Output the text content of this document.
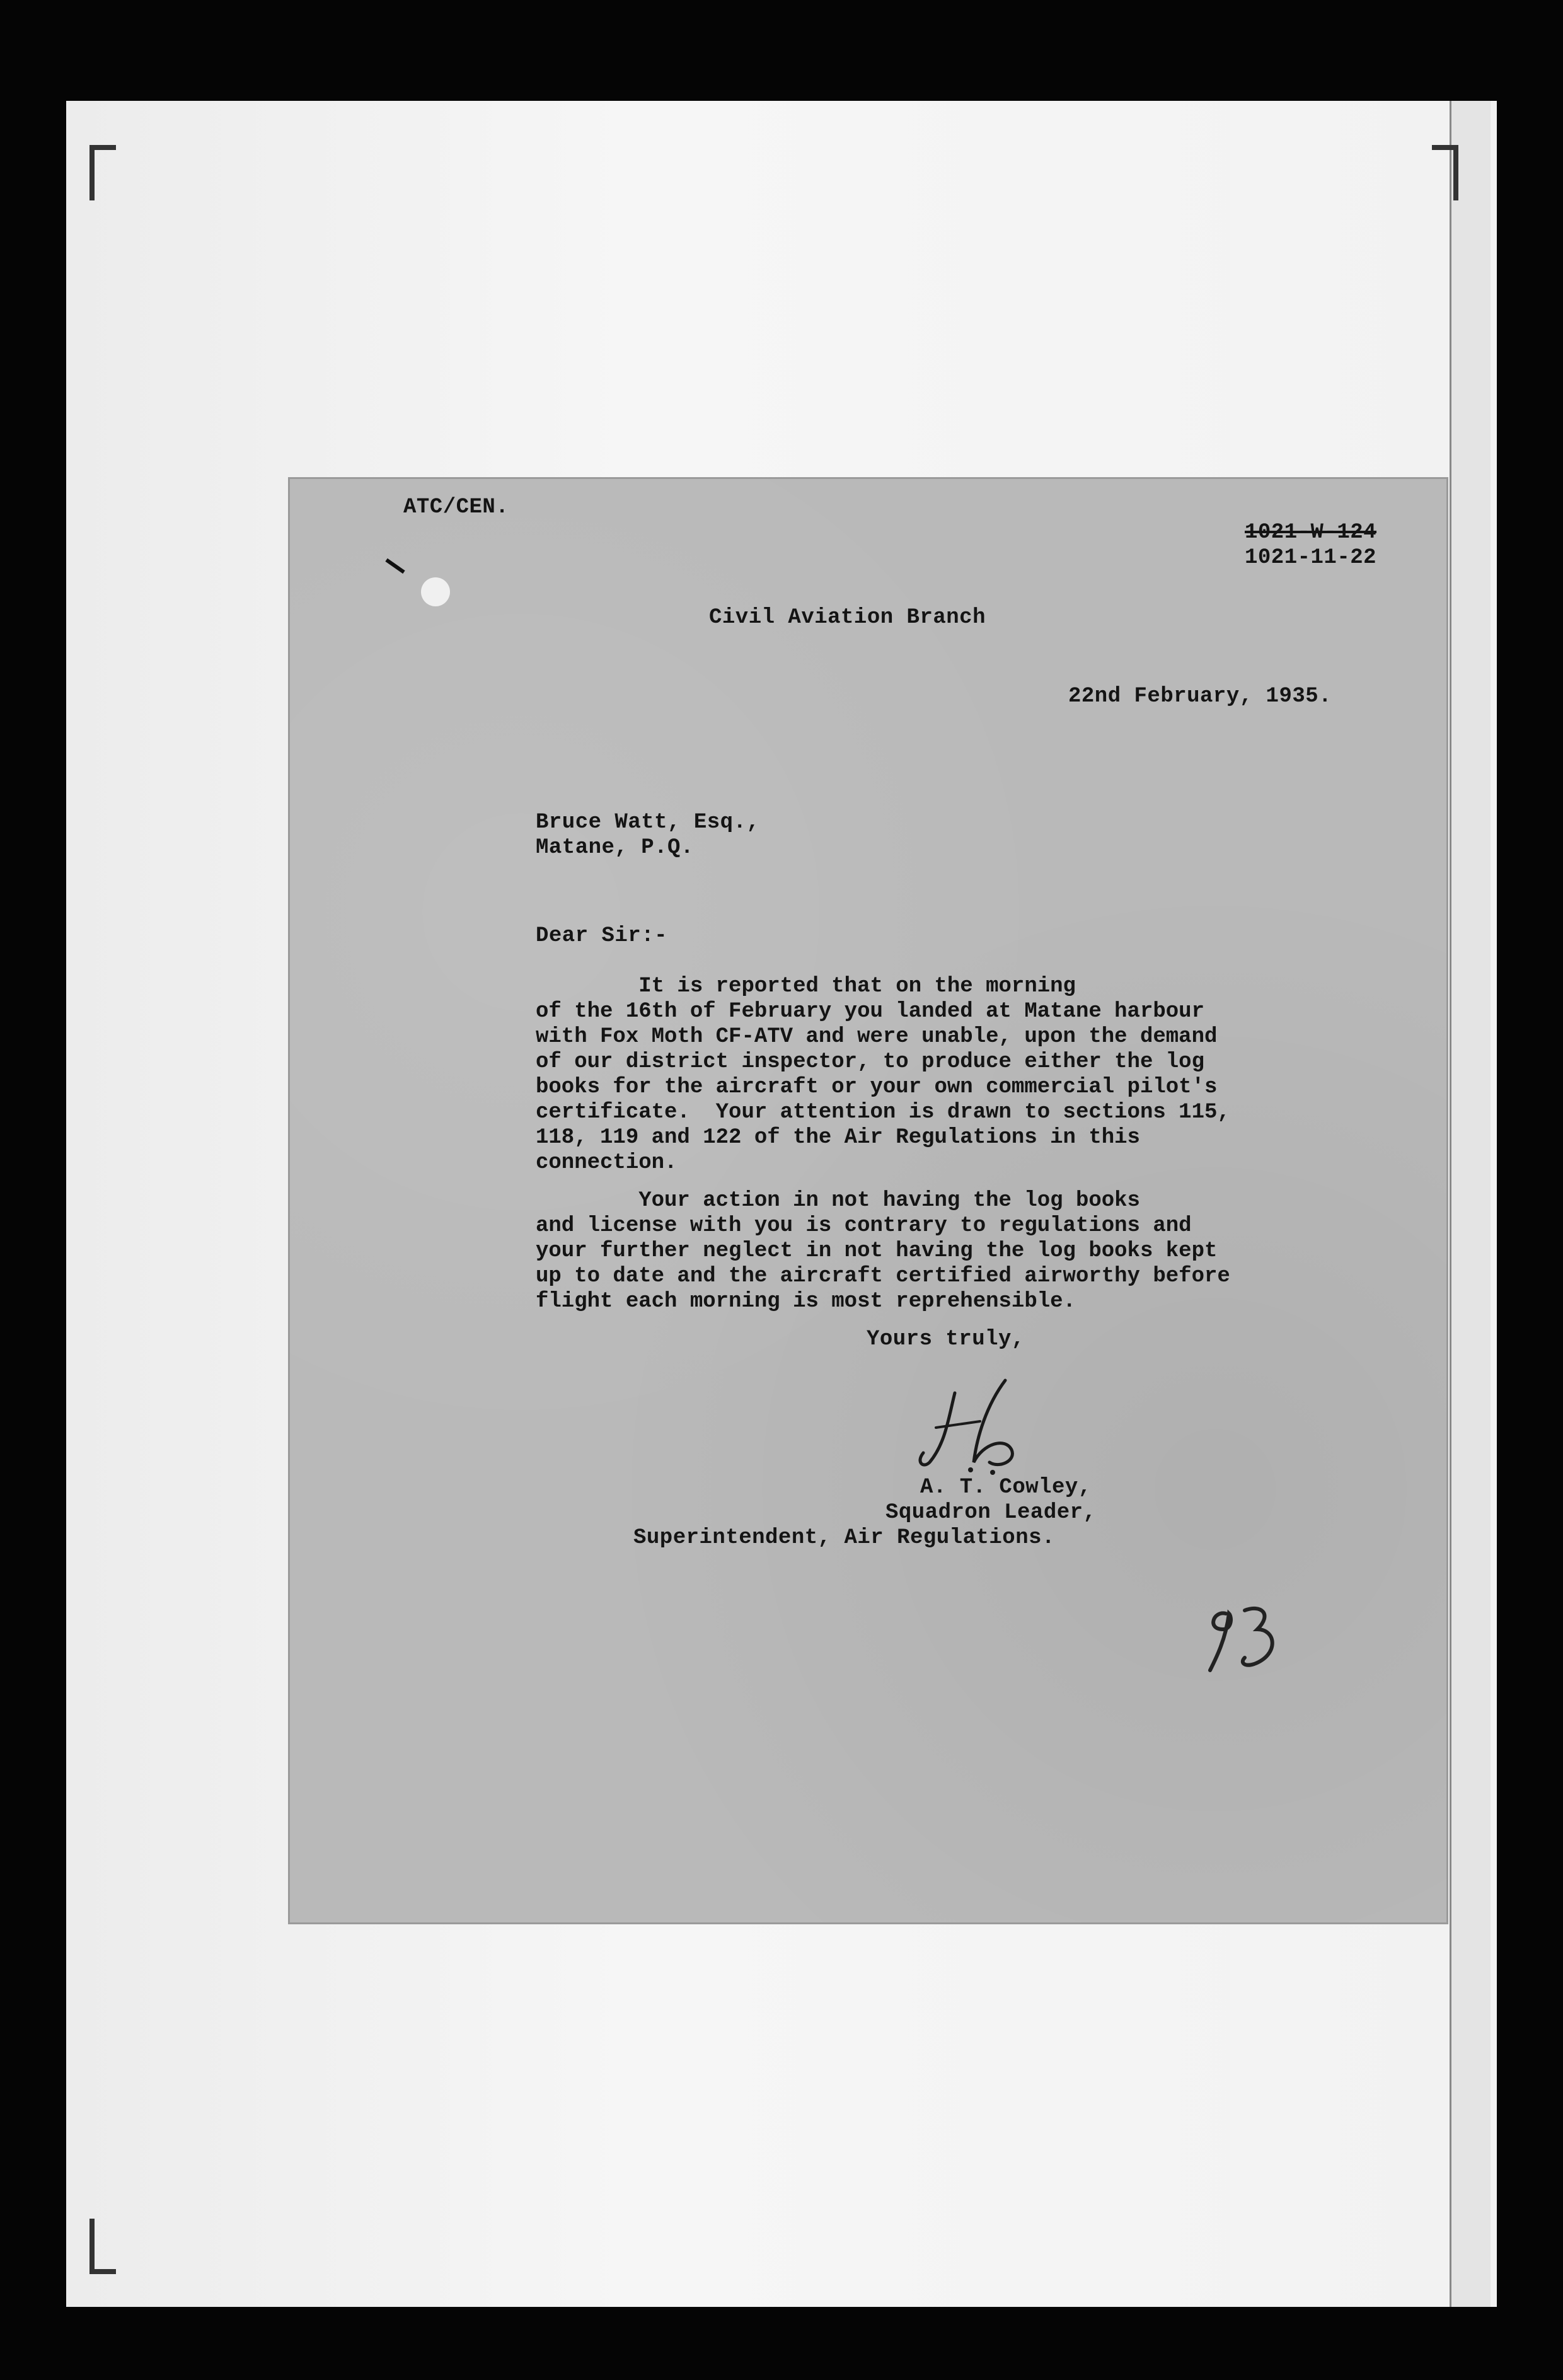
ATC/CEN.
1021-W-124
1021-11-22
Civil Aviation Branch
22nd February, 1935.
Bruce Watt, Esq.,
Matane, P.Q.
Dear Sir:-
It is reported that on the morning
of the 16th of February you landed at Matane harbour
with Fox Moth CF-ATV and were unable, upon the demand
of our district inspector, to produce either the log
books for the aircraft or your own commercial pilot's
certificate.  Your attention is drawn to sections 115,
118, 119 and 122 of the Air Regulations in this
connection.
Your action in not having the log books
and license with you is contrary to regulations and
your further neglect in not having the log books kept
up to date and the aircraft certified airworthy before
flight each morning is most reprehensible.
Yours truly,
A. T. Cowley,
Squadron Leader,
Superintendent, Air Regulations.
